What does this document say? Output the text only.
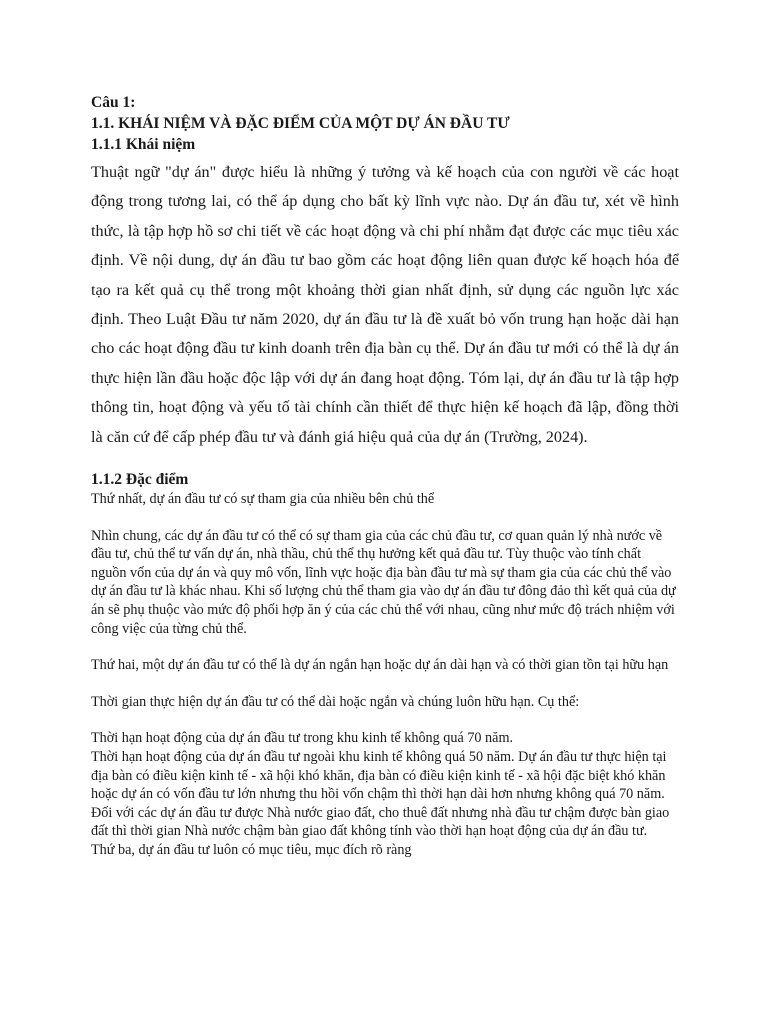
Câu 1:

1.1. KHÁI NIỆM VÀ ĐẶC ĐIỂM CỦA MỘT DỰ ÁN ĐẦU TƯ

1.1.1 Khái niệm

Thuật ngữ "dự án" được hiểu là những ý tưởng và kế hoạch của con người về các hoạt động trong tương lai, có thể áp dụng cho bất kỳ lĩnh vực nào. Dự án đầu tư, xét về hình thức, là tập hợp hồ sơ chi tiết về các hoạt động và chi phí nhằm đạt được các mục tiêu xác định. Về nội dung, dự án đầu tư bao gồm các hoạt động liên quan được kế hoạch hóa để tạo ra kết quả cụ thể trong một khoảng thời gian nhất định, sử dụng các nguồn lực xác định. Theo Luật Đầu tư năm 2020, dự án đầu tư là đề xuất bỏ vốn trung hạn hoặc dài hạn cho các hoạt động đầu tư kinh doanh trên địa bàn cụ thể. Dự án đầu tư mới có thể là dự án thực hiện lần đầu hoặc độc lập với dự án đang hoạt động. Tóm lại, dự án đầu tư là tập hợp thông tin, hoạt động và yếu tố tài chính cần thiết để thực hiện kế hoạch đã lập, đồng thời là căn cứ để cấp phép đầu tư và đánh giá hiệu quả của dự án (Trường, 2024).

1.1.2 Đặc điểm

Thứ nhất, dự án đầu tư có sự tham gia của nhiều bên chủ thể

Nhìn chung, các dự án đầu tư có thể có sự tham gia của các chủ đầu tư, cơ quan quản lý nhà nước về đầu tư, chủ thể tư vấn dự án, nhà thầu, chủ thể thụ hưởng kết quả đầu tư. Tùy thuộc vào tính chất nguồn vốn của dự án và quy mô vốn, lĩnh vực hoặc địa bàn đầu tư mà sự tham gia của các chủ thể vào dự án đầu tư là khác nhau. Khi số lượng chủ thể tham gia vào dự án đầu tư đông đảo thì kết quả của dự án sẽ phụ thuộc vào mức độ phối hợp ăn ý của các chủ thể với nhau, cũng như mức độ trách nhiệm với công việc của từng chủ thể.

Thứ hai, một dự án đầu tư có thể là dự án ngắn hạn hoặc dự án dài hạn và có thời gian tồn tại hữu hạn

Thời gian thực hiện dự án đầu tư có thể dài hoặc ngắn và chúng luôn hữu hạn. Cụ thể:

Thời hạn hoạt động của dự án đầu tư trong khu kinh tế không quá 70 năm.

Thời hạn hoạt động của dự án đầu tư ngoài khu kinh tế không quá 50 năm. Dự án đầu tư thực hiện tại địa bàn có điều kiện kinh tế - xã hội khó khăn, địa bàn có điều kiện kinh tế - xã hội đặc biệt khó khăn hoặc dự án có vốn đầu tư lớn nhưng thu hồi vốn chậm thì thời hạn dài hơn nhưng không quá 70 năm.

Đối với các dự án đầu tư được Nhà nước giao đất, cho thuê đất nhưng nhà đầu tư chậm được bàn giao đất thì thời gian Nhà nước chậm bàn giao đất không tính vào thời hạn hoạt động của dự án đầu tư.

Thứ ba, dự án đầu tư luôn có mục tiêu, mục đích rõ ràng
